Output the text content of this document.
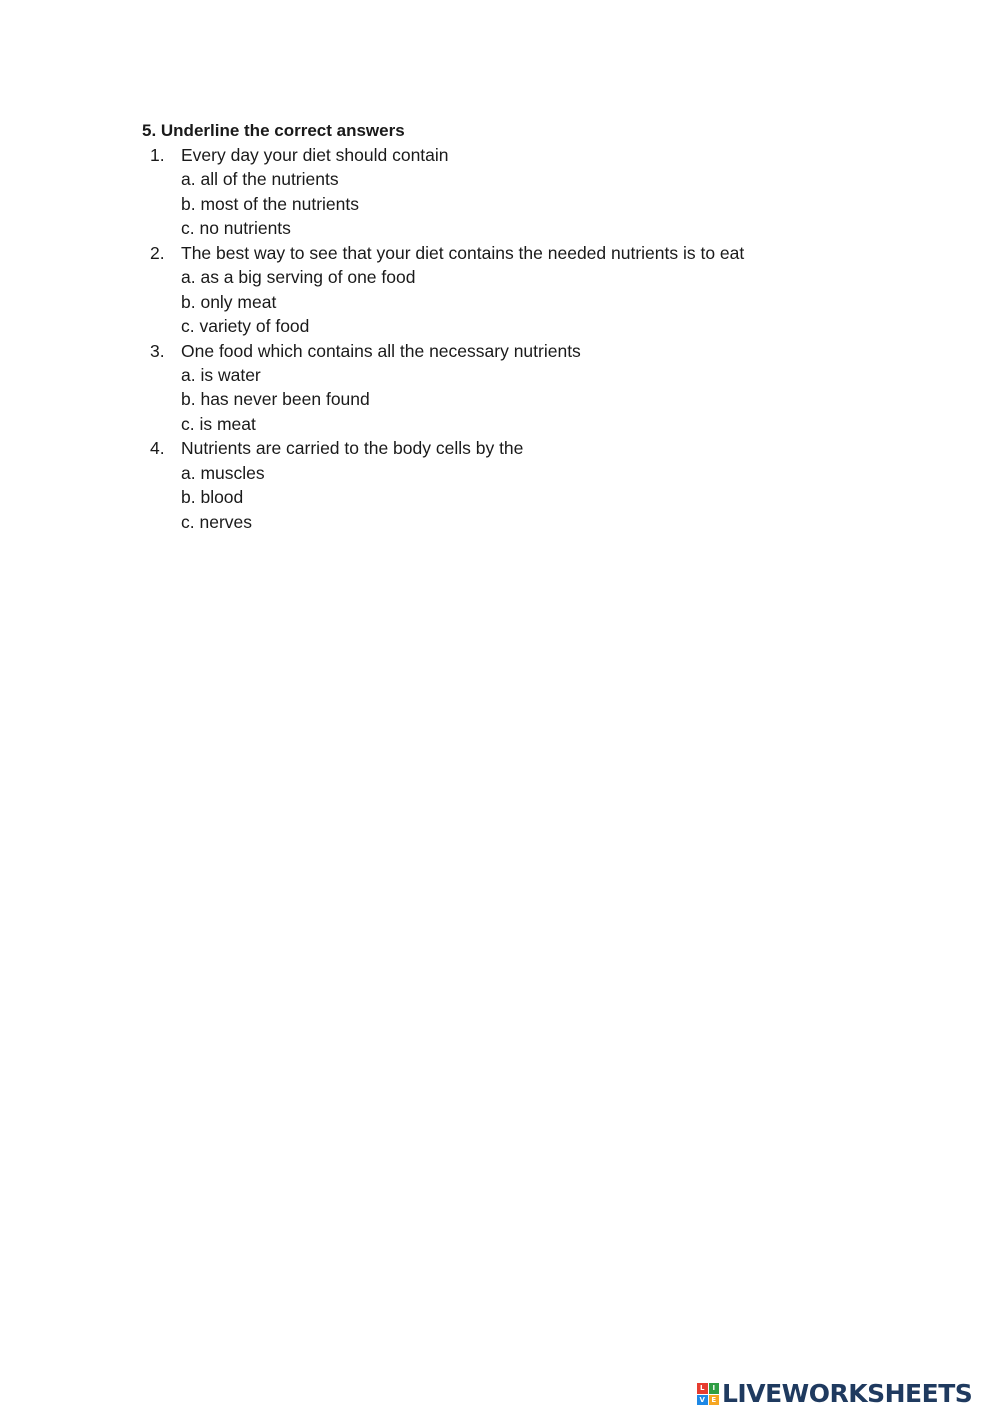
5. Underline the correct answers
1. Every day your diet should contain
a. all of the nutrients
b. most of the nutrients
c. no nutrients
2. The best way to see that your diet contains the needed nutrients is to eat
a. as a big serving of one food
b. only meat
c. variety of food
3. One food which contains all the necessary nutrients
a. is water
b. has never been found
c. is meat
4. Nutrients are carried to the body cells by the
a. muscles
b. blood
c. nerves
L	I
V E LIVEWORKSHEETS
